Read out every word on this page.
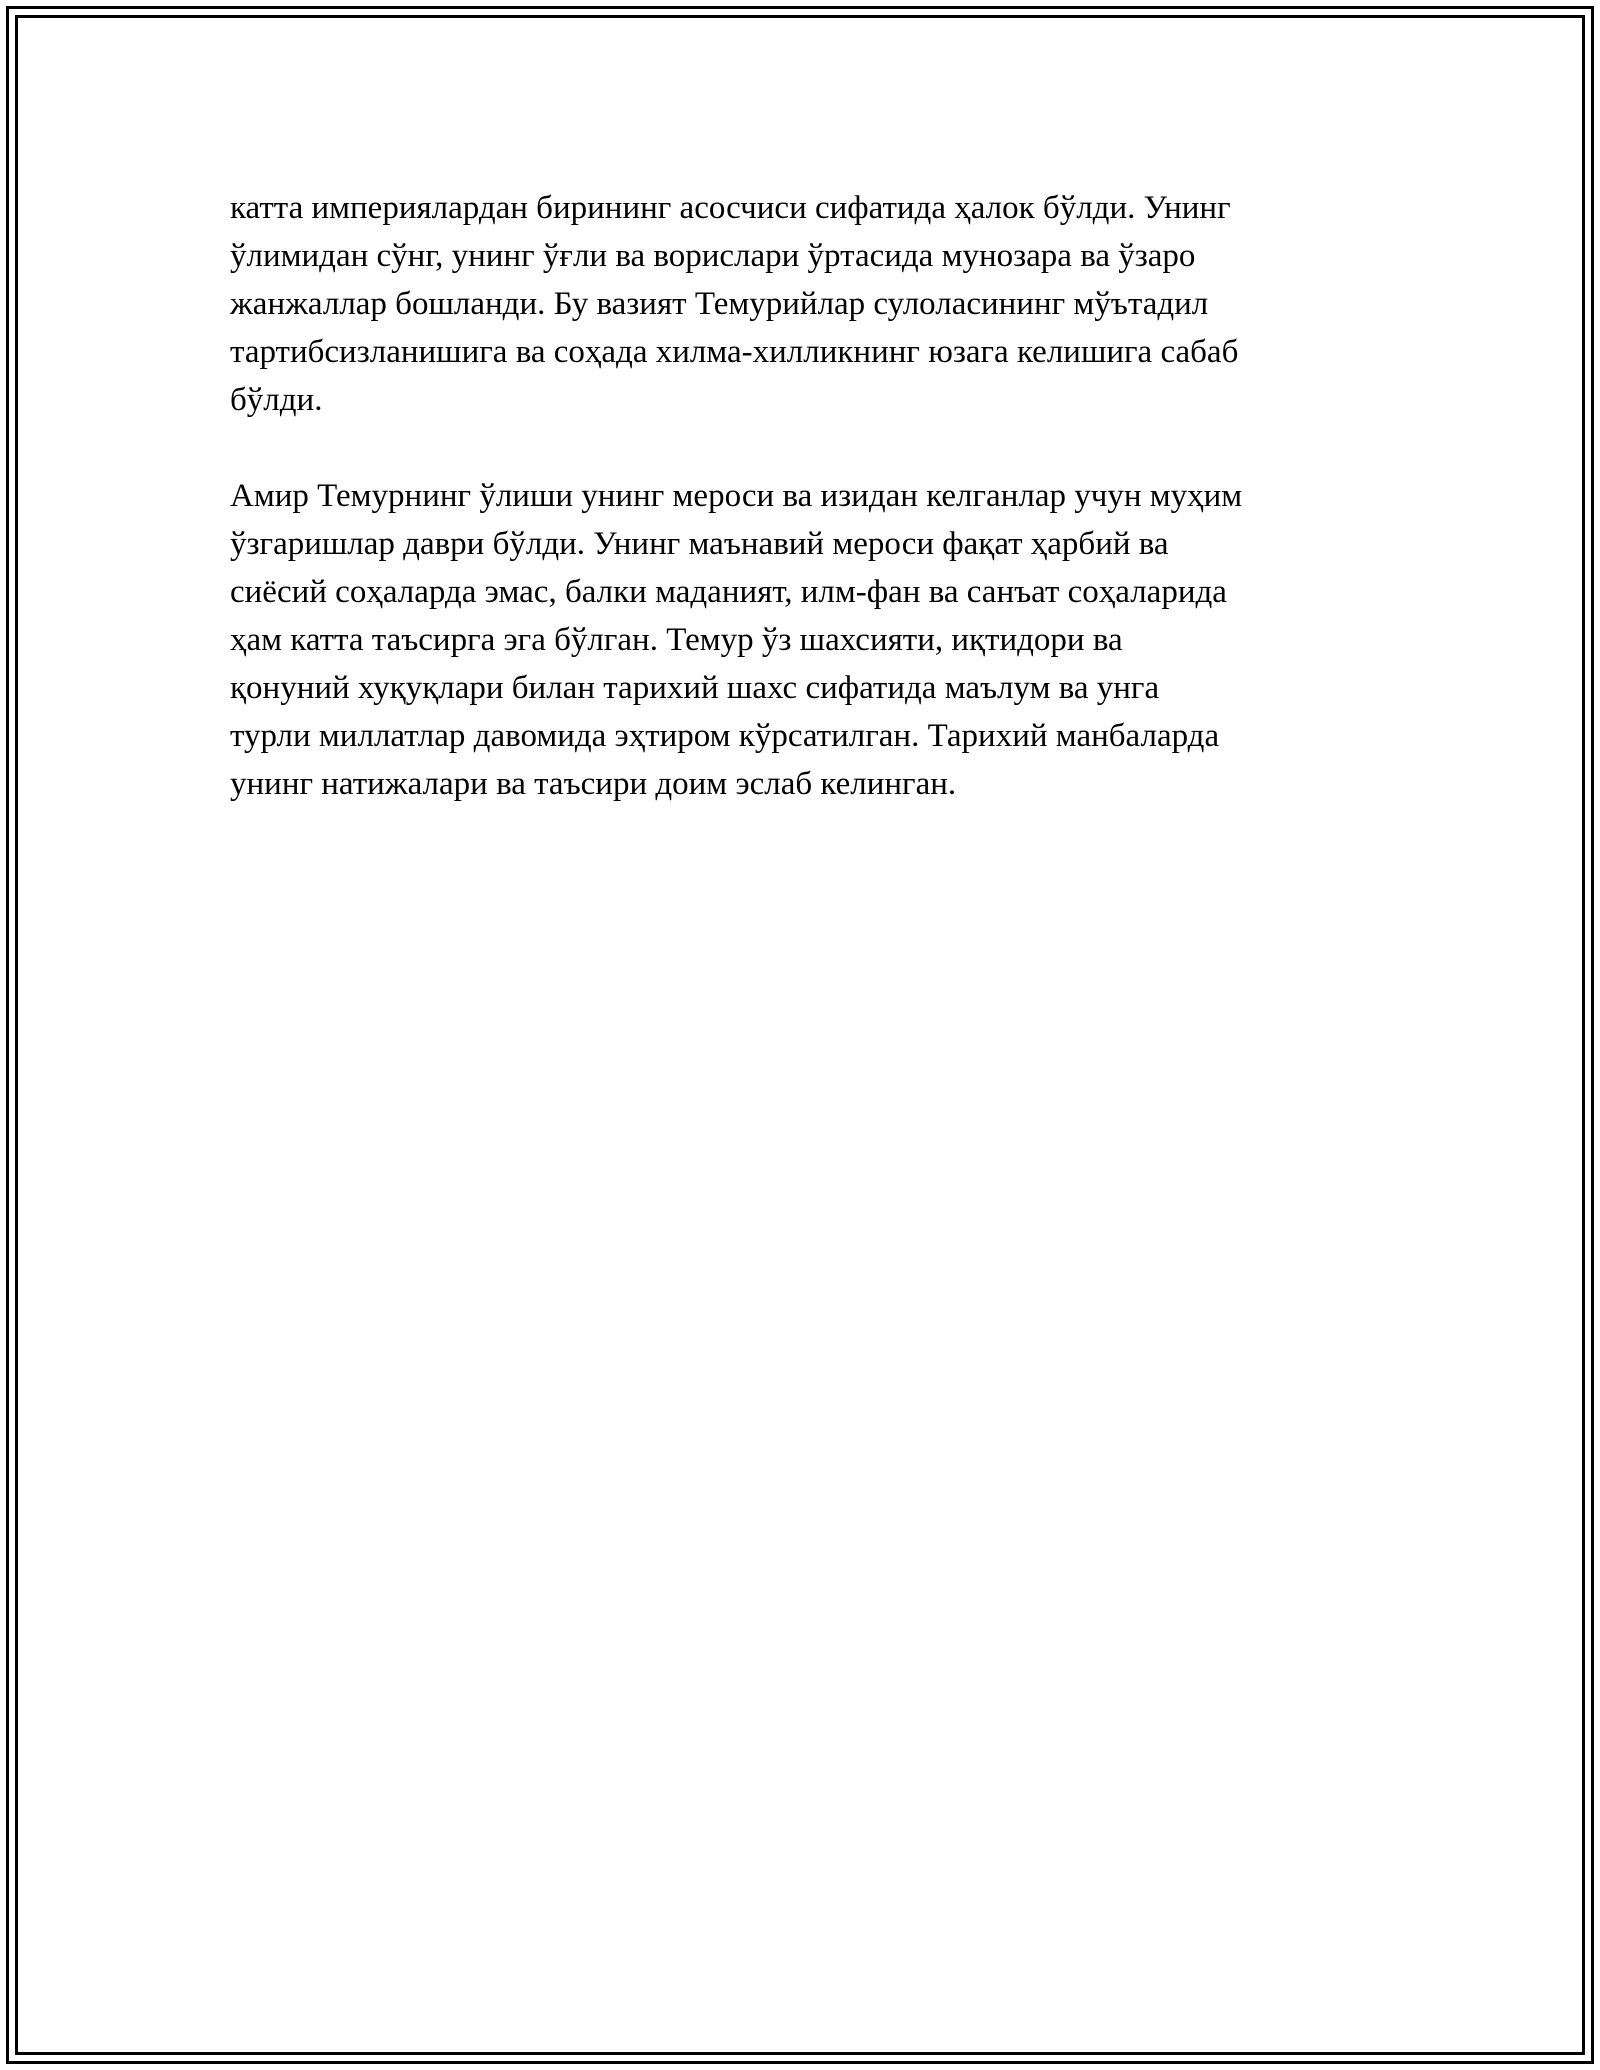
катта империялардан бирининг асосчиси сифатида ҳалок бўлди. Унинг
ўлимидан сўнг, унинг ўғли ва ворислари ўртасида мунозара ва ўзаро
жанжаллар бошланди. Бу вазият Темурийлар сулоласининг мўътадил
тартибсизланишига ва соҳада хилма-хилликнинг юзага келишига сабаб
бўлди.
Амир Темурнинг ўлиши унинг мероси ва изидан келганлар учун муҳим
ўзгаришлар даври бўлди. Унинг маънавий мероси фақат ҳарбий ва
сиёсий соҳаларда эмас, балки маданият, илм-фан ва санъат соҳаларида
ҳам катта таъсирга эга бўлган. Темур ўз шахсияти, иқтидори ва
қонуний хуқуқлари билан тарихий шахс сифатида маълум ва унга
турли миллатлар давомида эҳтиром кўрсатилган. Тарихий манбаларда
унинг натижалари ва таъсири доим эслаб келинган.
